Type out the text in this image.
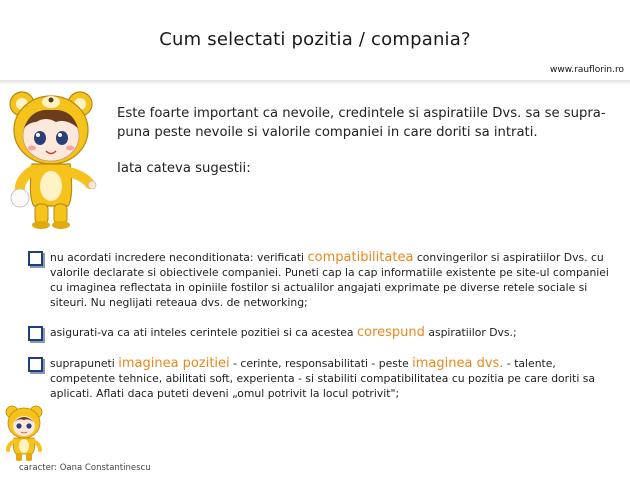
Cum selectati pozitia / compania?
www.rauflorin.ro

Este foarte important ca nevoile, credintele si aspiratiile Dvs. sa se supra-puna peste nevoile si valorile companiei in care doriti sa intrati.

Iata cateva sugestii:

nu acordati incredere neconditionata: verificati compatibilitatea convingerilor si aspiratiilor Dvs. cu valorile declarate si obiectivele companiei. Puneti cap la cap informatiile existente pe site-ul companiei cu imaginea reflectata in opiniile fostilor si actualilor angajati exprimate pe diverse retele sociale si siteuri. Nu neglijati reteaua dvs. de networking;
asigurati-va ca ati inteles cerintele pozitiei si ca acestea corespund aspiratiilor Dvs.;
suprapuneti imaginea pozitiei - cerinte, responsabilitati - peste imaginea dvs. - talente, competente tehnice, abilitati soft, experienta - si stabiliti compatibilitatea cu pozitia pe care doriti sa aplicati. Aflati daca puteti deveni „omul potrivit la locul potrivit";
caracter: Oana Constantinescu
